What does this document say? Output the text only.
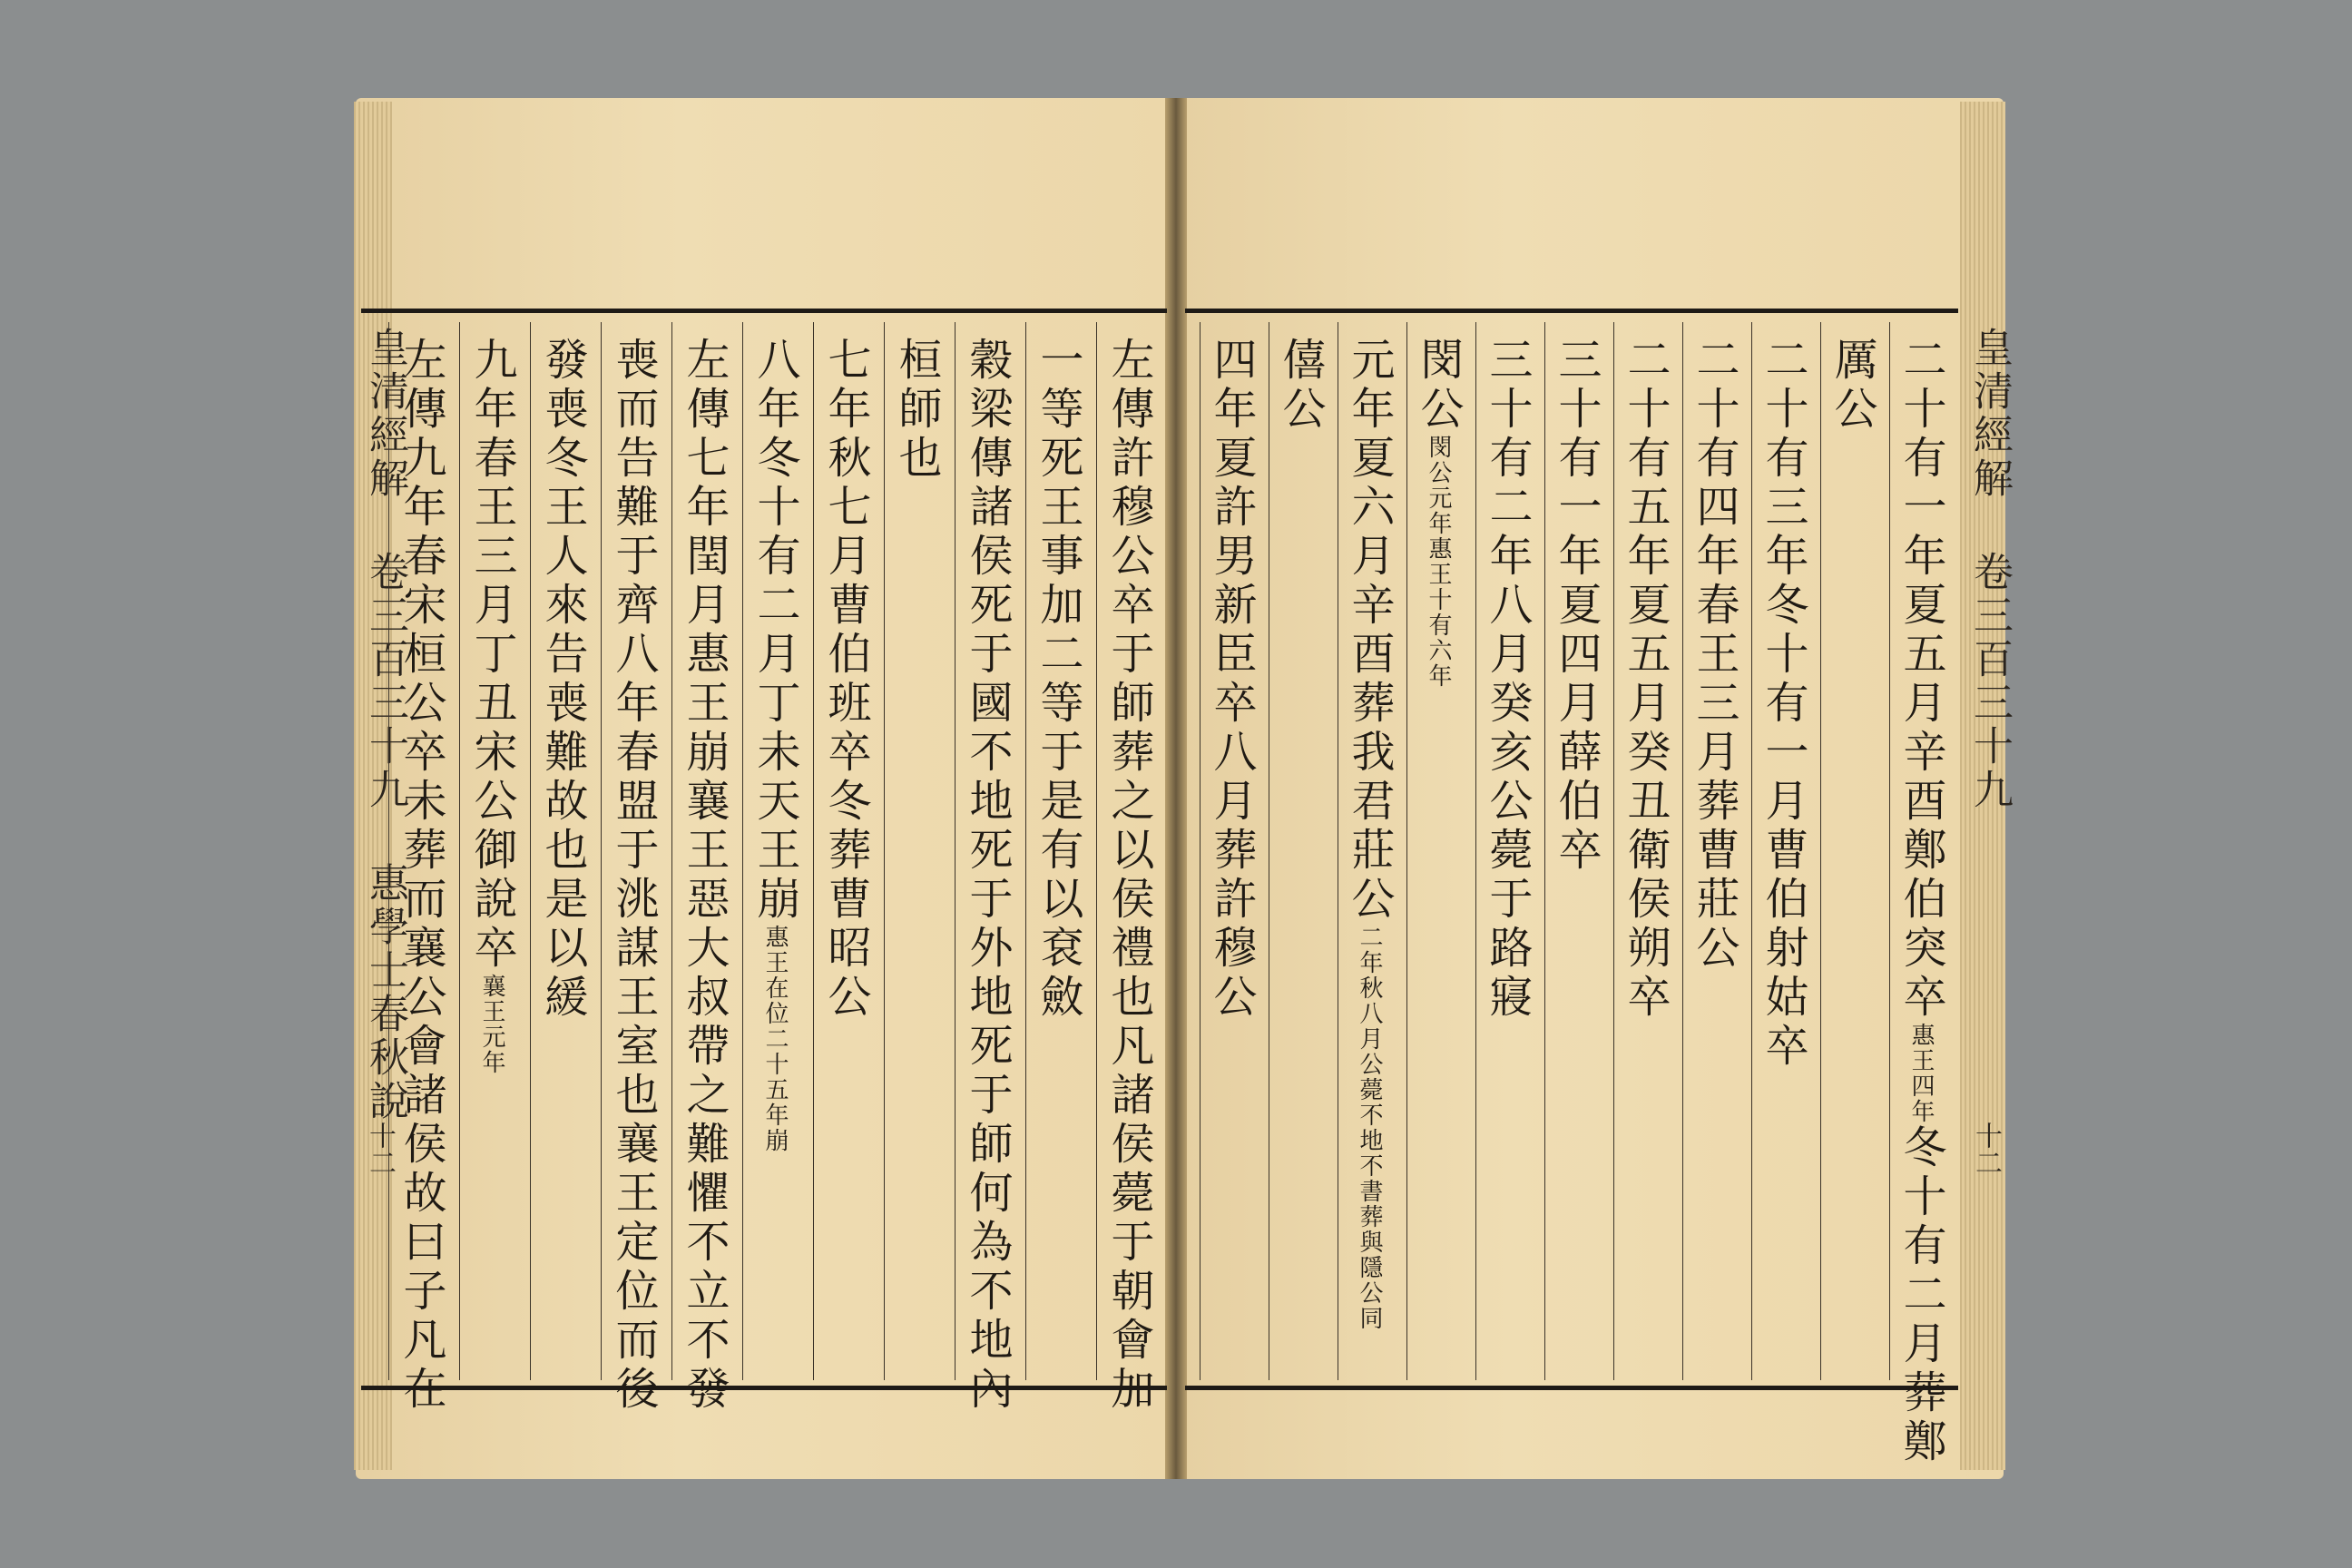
皇清經解 卷三百三十九 惠學士春秋說
十二
皇清經解 卷三百三十九
十二
左傳許穆公卒于師葬之以侯禮也凡諸侯薨于朝會加
一等死王事加二等于是有以袞斂
穀梁傳諸侯死于國不地死于外地死于師何為不地內
桓師也
七年秋七月曹伯班卒冬葬曹昭公
八年冬十有二月丁未天王崩惠王在位二十五年崩
左傳七年閏月惠王崩襄王惡大叔帶之難懼不立不發
喪而告難于齊八年春盟于洮謀王室也襄王定位而後
發喪冬王人來告喪難故也是以緩
九年春王三月丁丑宋公御說卒襄王元年
左傳九年春宋桓公卒未葬而襄公會諸侯故曰子凡在	二十有一年夏五月辛酉鄭伯突卒惠王四年冬十有二月葬鄭
厲公
二十有三年冬十有一月曹伯射姑卒
二十有四年春王三月葬曹莊公
二十有五年夏五月癸丑衛侯朔卒
三十有一年夏四月薛伯卒
三十有二年八月癸亥公薨于路寢
閔公閔公元年惠王十有六年
元年夏六月辛酉葬我君莊公二年秋八月公薨不地不書葬與隱公同
僖公
四年夏許男新臣卒八月葬許穆公
